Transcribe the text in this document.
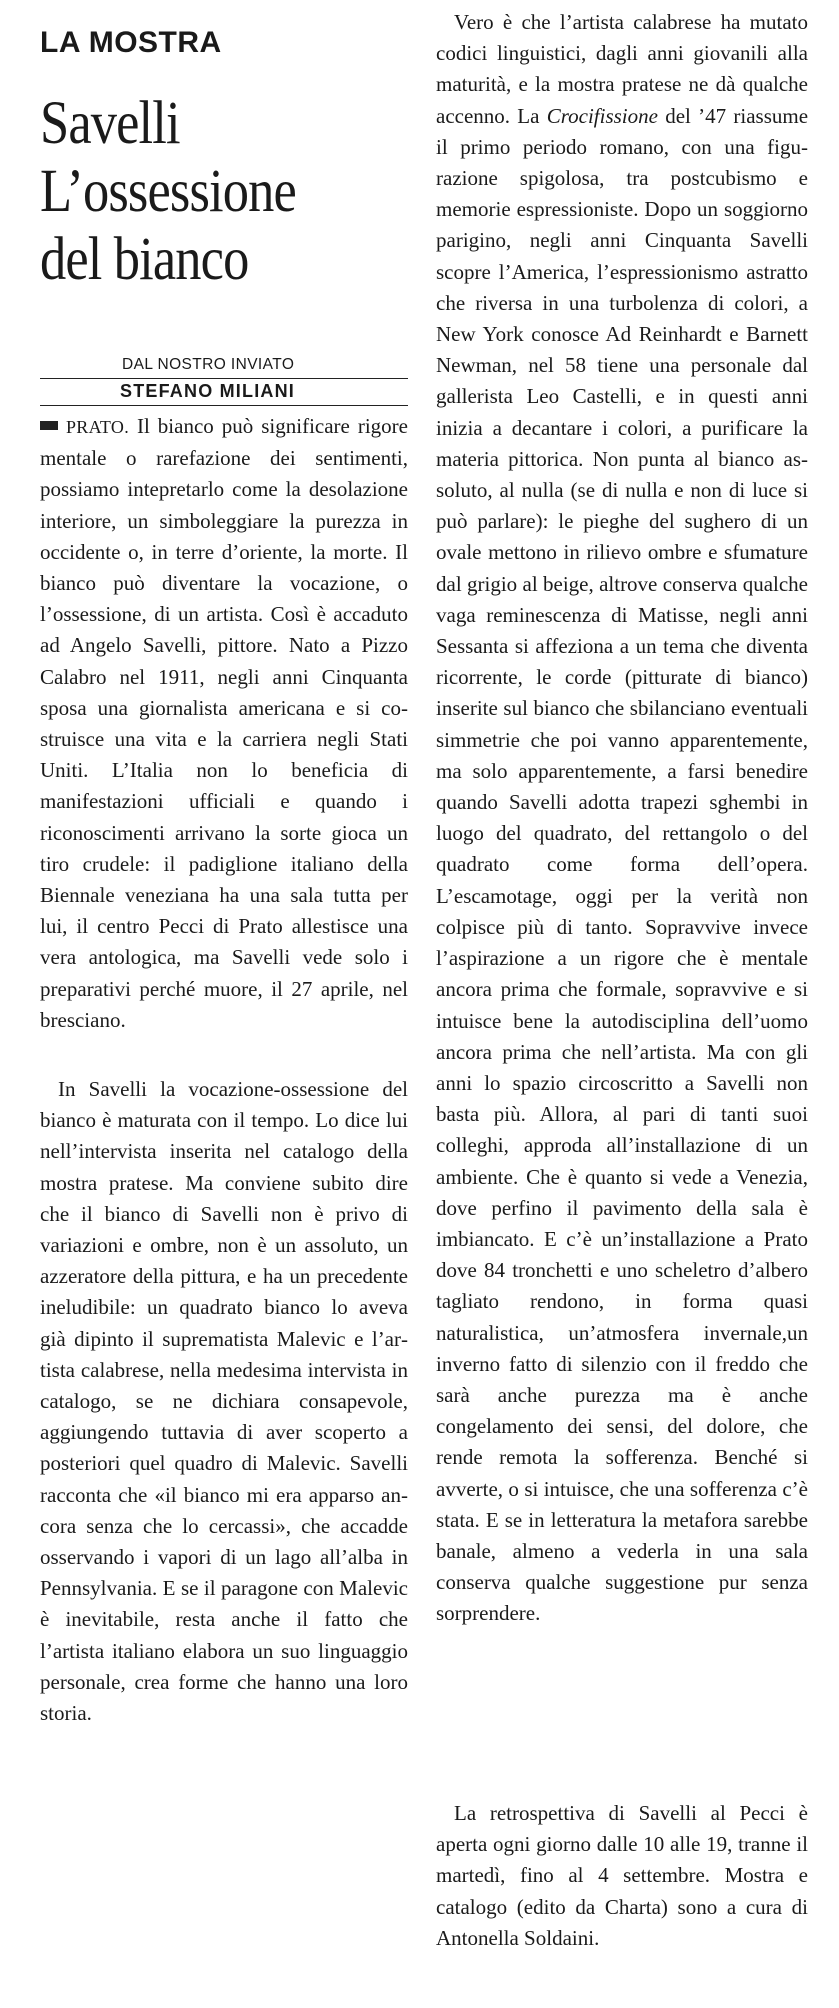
LA MOSTRA
Savelli
L’ossessione
del bianco
DAL NOSTRO INVIATO
STEFANO MILIANI

PRATO. Il bianco può significare rigore mentale o rarefazione dei sentimenti, possiamo intepretarlo come la desolazione interiore, un simboleggiare la purezza in occidente o, in terre d’oriente, la morte. Il bianco può diventare la vocazione, o l’ossessione, di un artista. Così è accaduto ad Angelo Savelli, pittore. Nato a Pizzo Calabro nel 1911, negli anni Cinquanta sposa una giornalista americana e si costruisce una vita e la carriera negli Stati Uniti. L’Italia non lo beneficia di manifestazioni ufficiali e quando i riconoscimenti arrivano la sorte gioca un tiro crudele: il padiglione italiano della Biennale veneziana ha una sala tutta per lui, il centro Pecci di Prato allestisce una vera antologica, ma Savelli vede solo i preparativi perché muore, il 27 aprile, nel bresciano.

In Savelli la vocazione-ossessione del bianco è maturata con il tempo. Lo dice lui nell’intervista inserita nel catalogo della mostra pratese. Ma conviene subito dire che il bianco di Savelli non è privo di variazioni e ombre, non è un assoluto, un azzeratore della pittura, e ha un precedente ineludibile: un quadrato bianco lo aveva già dipinto il suprematista Malevic e l’artista calabrese, nella medesima intervista in catalogo, se ne dichiara consapevole, aggiungendo tuttavia di aver scoperto a posteriori quel quadro di Malevic. Savelli racconta che «il bianco mi era apparso ancora senza che lo cercassi», che accadde osservando i vapori di un lago all’alba in Pennsylvania. E se il paragone con Malevic è inevitabile, resta anche il fatto che l’artista italiano elabora un suo linguaggio personale, crea forme che hanno una loro storia.

Vero è che l’artista calabrese ha mutato codici linguistici, dagli anni giovanili alla maturità, e la mostra pratese ne dà qualche accenno. La Crocifissione del ’47 riassume il primo periodo romano, con una figurazione spigolosa, tra postcubismo e memorie espressioniste. Dopo un soggiorno parigino, negli anni Cinquanta Savelli scopre l’America, l’espressionismo astratto che riversa in una turbolenza di colori, a New York conosce Ad Reinhardt e Barnett Newman, nel 58 tiene una personale dal gallerista Leo Castelli, e in questi anni inizia a decantare i colori, a purificare la materia pittorica. Non punta al bianco assoluto, al nulla (se di nulla e non di luce si può parlare): le pieghe del sughero di un ovale mettono in rilievo ombre e sfumature dal grigio al beige, altrove conserva qualche vaga reminescenza di Matisse, negli anni Sessanta si affeziona a un tema che diventa ricorrente, le corde (pitturate di bianco) inserite sul bianco che sbilanciano eventuali simmetrie che poi vanno apparentemente, ma solo apparentemente, a farsi benedire quando Savelli adotta trapezi sghembi in luogo del quadrato, del rettangolo o del quadrato come forma dell’opera. L’escamotage, oggi per la verità non colpisce più di tanto. Sopravvive invece l’aspirazione a un rigore che è mentale ancora prima che formale, sopravvive e si intuisce bene la autodisciplina dell’uomo ancora prima che nell’artista. Ma con gli anni lo spazio circoscritto a Savelli non basta più. Allora, al pari di tanti suoi colleghi, approda all’installazione di un ambiente. Che è quanto si vede a Venezia, dove perfino il pavimento della sala è imbiancato. E c’è un’installazione a Prato dove 84 tronchetti e uno scheletro d’albero tagliato rendono, in forma quasi naturalistica, un’atmosfera invernale,un inverno fatto di silenzio con il freddo che sarà anche purezza ma è anche congelamento dei sensi, del dolore, che rende remota la sofferenza. Benché si avverte, o si intuisce, che una sofferenza c’è stata. E se in letteratura la metafora sarebbe banale, almeno a vederla in una sala conserva qualche suggestione pur senza sorprendere.

La retrospettiva di Savelli al Pecci è aperta ogni giorno dalle 10 alle 19, tranne il martedì, fino al 4 settembre. Mostra e catalogo (edito da Charta) sono a cura di Antonella Soldaini.
